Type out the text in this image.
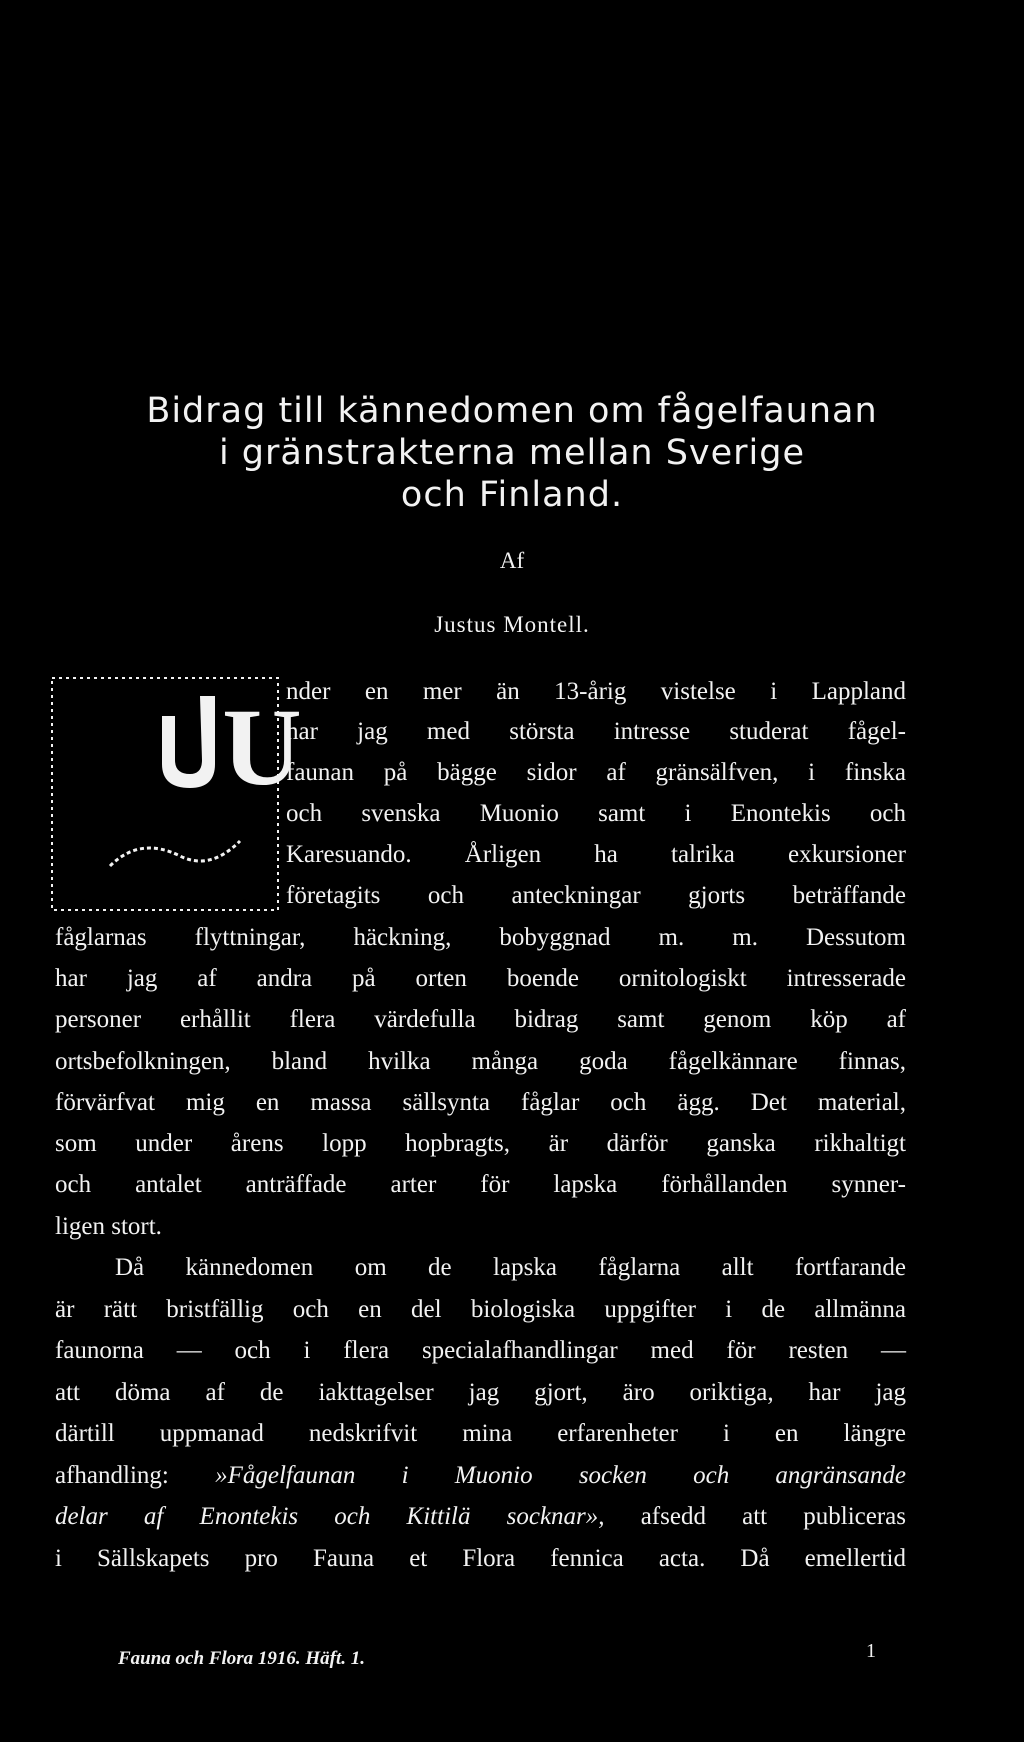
Bidrag till kännedomen om fågelfaunan
i gränstrakterna mellan Sverige
och Finland.
Af
Justus Montell.
U
nder en mer än 13-årig vistelse i Lappland
har jag med största intresse studerat fågel-
faunan på bägge sidor af gränsälfven, i finska
och svenska Muonio samt i Enontekis och
Karesuando. Årligen ha talrika exkursioner
företagits och anteckningar gjorts beträffande
fåglarnas flyttningar, häckning, bobyggnad m. m. Dessutom
har jag af andra på orten boende ornitologiskt intresserade
personer erhållit flera värdefulla bidrag samt genom köp af
ortsbefolkningen, bland hvilka många goda fågelkännare finnas,
förvärfvat mig en massa sällsynta fåglar och ägg. Det material,
som under årens lopp hopbragts, är därför ganska rikhaltigt
och antalet anträffade arter för lapska förhållanden synner-
ligen stort.
Då kännedomen om de lapska fåglarna allt fortfarande
är rätt bristfällig och en del biologiska uppgifter i de allmänna
faunorna — och i flera specialafhandlingar med för resten —
att döma af de iakttagelser jag gjort, äro oriktiga, har jag
därtill uppmanad nedskrifvit mina erfarenheter i en längre
afhandling: »Fågelfaunan i Muonio socken och angränsande
delar af Enontekis och Kittilä socknar», afsedd att publiceras
i Sällskapets pro Fauna et Flora fennica acta. Då emellertid
Fauna och Flora 1916. Häft. 1.	1
